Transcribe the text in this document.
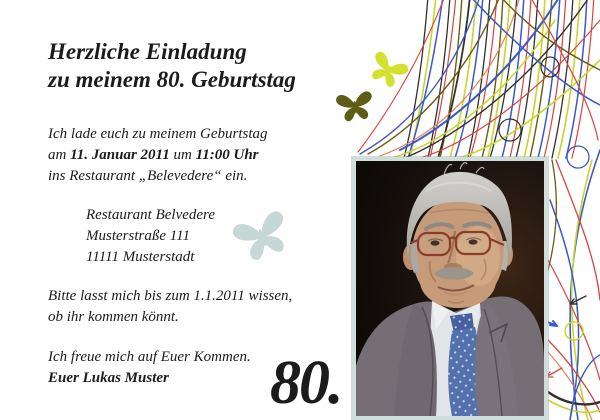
Herzliche Einladung
zu meinem 80. Geburtstag
Ich lade euch zu meinem Geburtstag
am 11. Januar 2011 um 11:00 Uhr
ins Restaurant „Belevedere“ ein.
Restaurant Belvedere
Musterstraße 111
11111 Musterstadt
Bitte lasst mich bis zum 1.1.2011 wissen,
ob ihr kommen könnt.
Ich freue mich auf Euer Kommen.
Euer Lukas Muster	80.
